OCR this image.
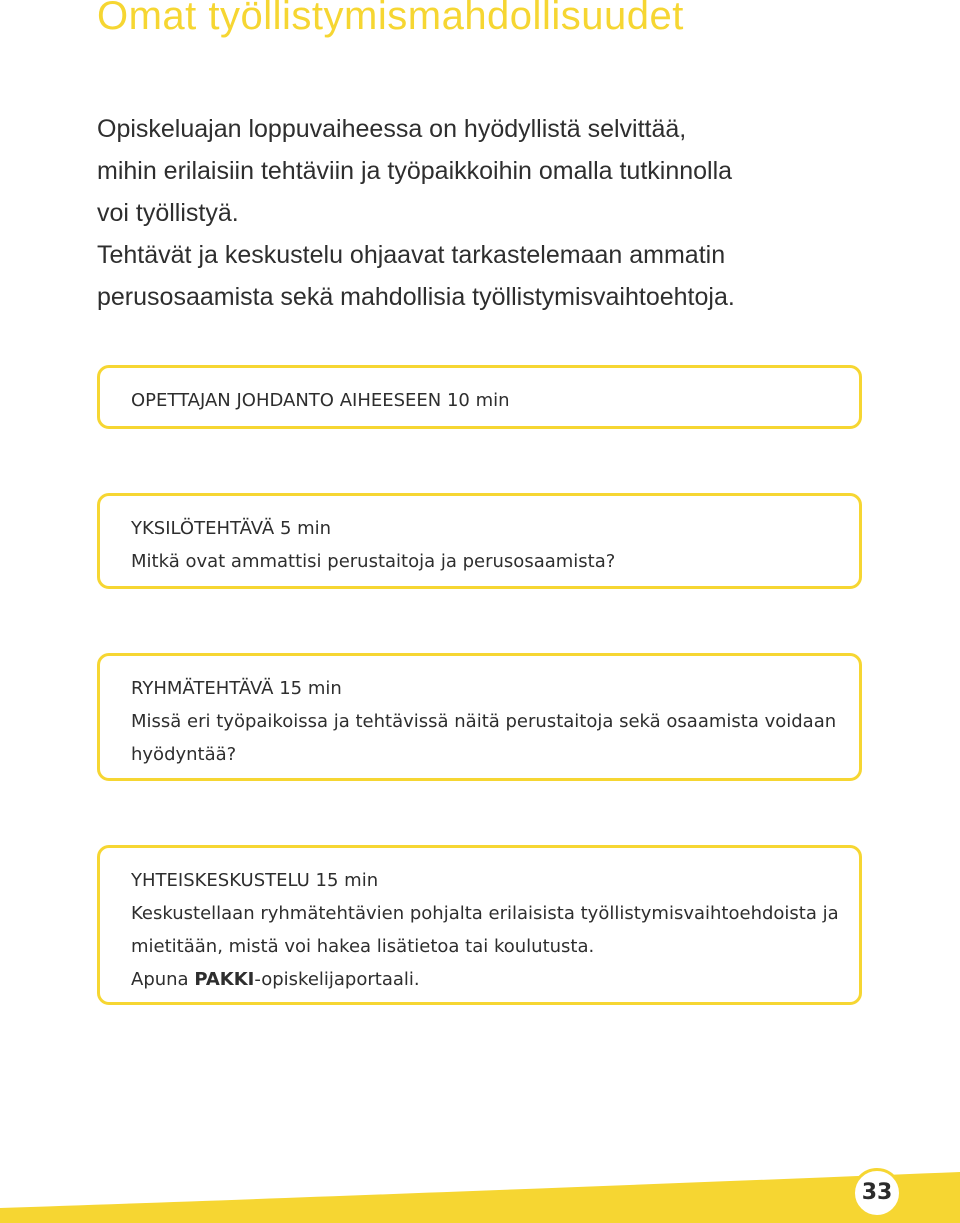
Omat työllistymismahdollisuudet

Opiskeluajan loppuvaiheessa on hyödyllistä selvittää,
mihin erilaisiin tehtäviin ja työpaikkoihin omalla tutkinnolla
voi työllistyä.
Tehtävät ja keskustelu ohjaavat tarkastelemaan ammatin
perusosaamista sekä mahdollisia työllistymisvaihtoehtoja.

OPETTAJAN JOHDANTO AIHEESEEN 10 min
YKSILÖTEHTÄVÄ 5 min
Mitkä ovat ammattisi perustaitoja ja perusosaamista?
RYHMÄTEHTÄVÄ 15 min
Missä eri työpaikoissa ja tehtävissä näitä perustaitoja sekä osaamista voidaan
hyödyntää?
YHTEISKESKUSTELU 15 min
Keskustellaan ryhmätehtävien pohjalta erilaisista työllistymisvaihtoehdoista ja
mietitään, mistä voi hakea lisätietoa tai koulutusta.
Apuna PAKKI-opiskelijaportaali.
33
